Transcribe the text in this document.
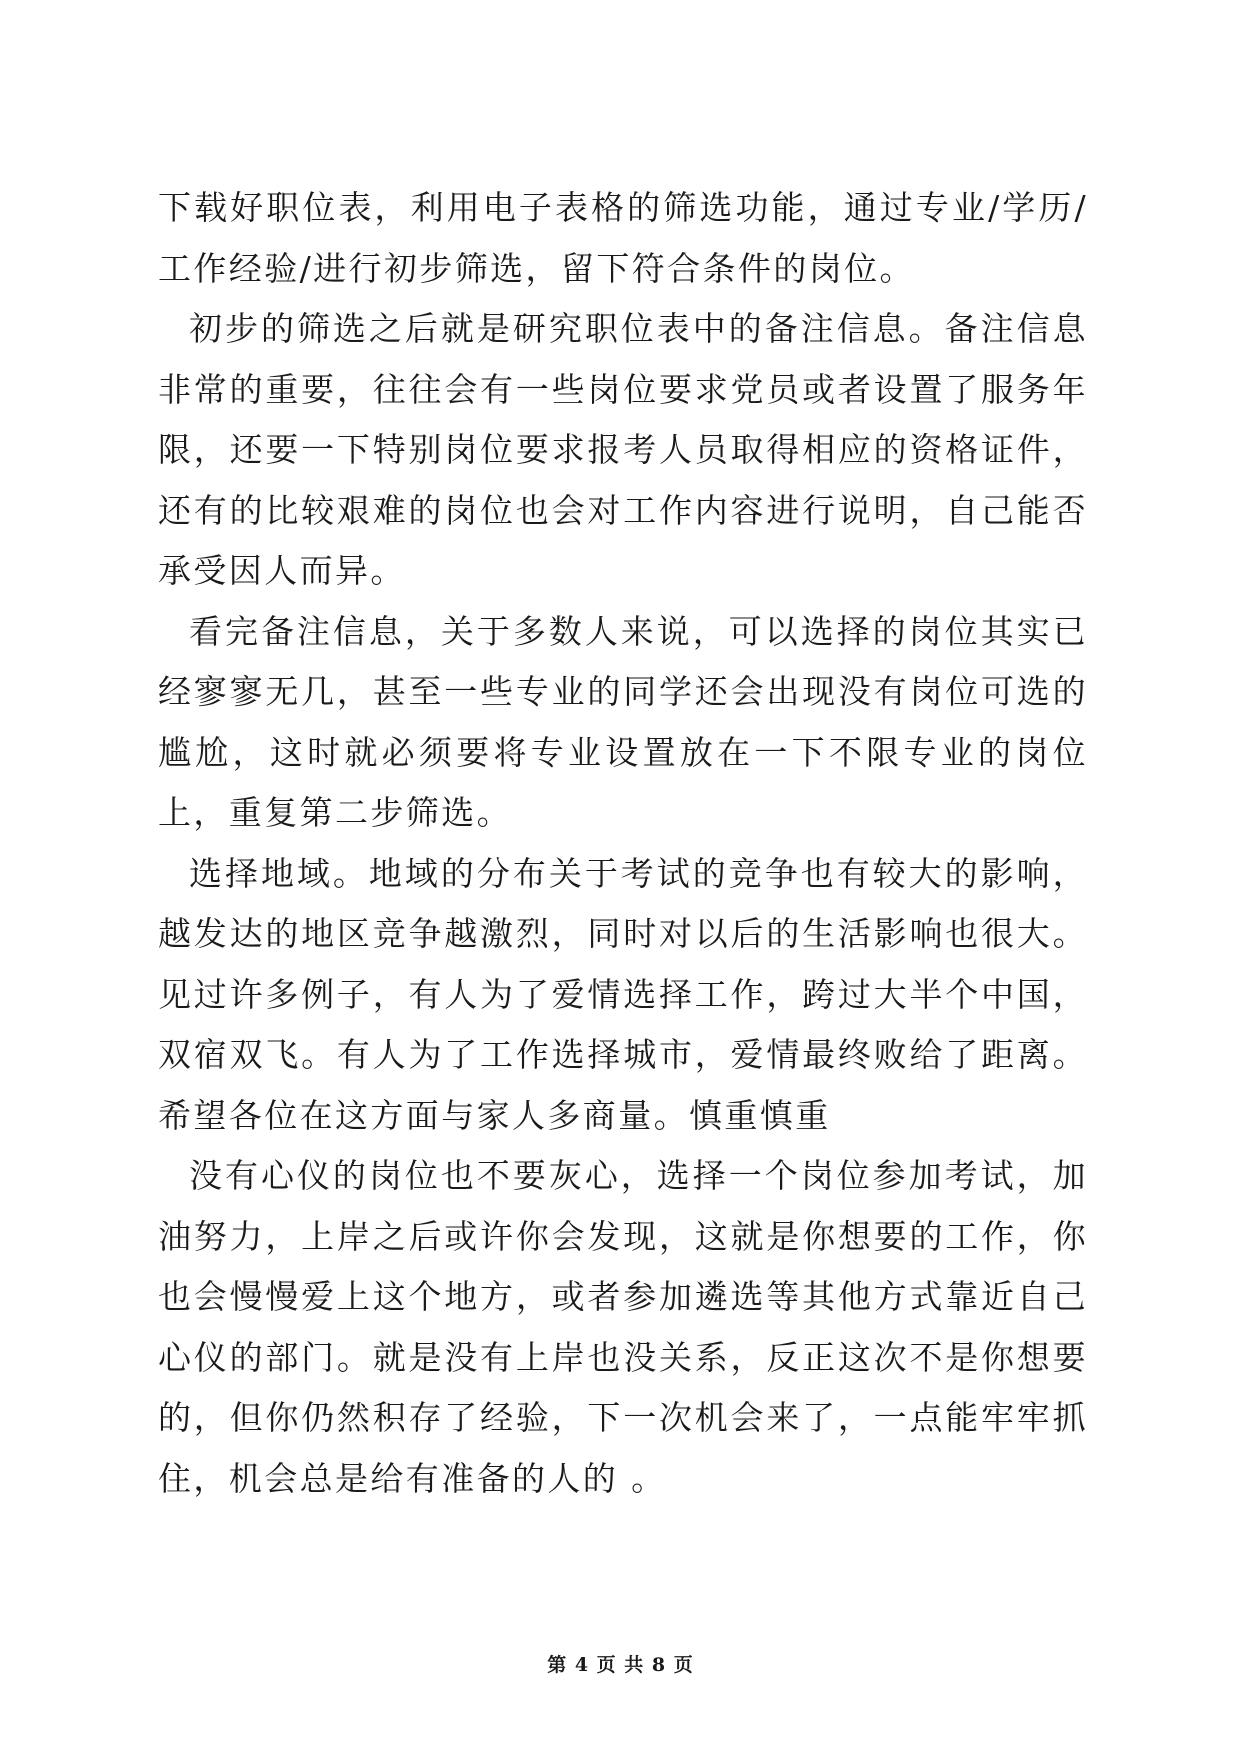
下载好职位表，利用电子表格的筛选功能，通过专业/学历/工作经验/进行初步筛选，留下符合条件的岗位。

初步的筛选之后就是研究职位表中的备注信息。备注信息非常的重要，往往会有一些岗位要求党员或者设置了服务年限，还要一下特别岗位要求报考人员取得相应的资格证件，还有的比较艰难的岗位也会对工作内容进行说明，自己能否承受因人而异。

看完备注信息，关于多数人来说，可以选择的岗位其实已经寥寥无几，甚至一些专业的同学还会出现没有岗位可选的尴尬，这时就必须要将专业设置放在一下不限专业的岗位上，重复第二步筛选。

选择地域。地域的分布关于考试的竞争也有较大的影响，越发达的地区竞争越激烈，同时对以后的生活影响也很大。见过许多例子，有人为了爱情选择工作，跨过大半个中国，双宿双飞。有人为了工作选择城市，爱情最终败给了距离。希望各位在这方面与家人多商量。慎重慎重

没有心仪的岗位也不要灰心，选择一个岗位参加考试，加油努力，上岸之后或许你会发现，这就是你想要的工作，你也会慢慢爱上这个地方，或者参加遴选等其他方式靠近自己心仪的部门。就是没有上岸也没关系，反正这次不是你想要的，但你仍然积存了经验，下一次机会来了，一点能牢牢抓住，机会总是给有准备的人的 。

第 4 页 共 8 页
